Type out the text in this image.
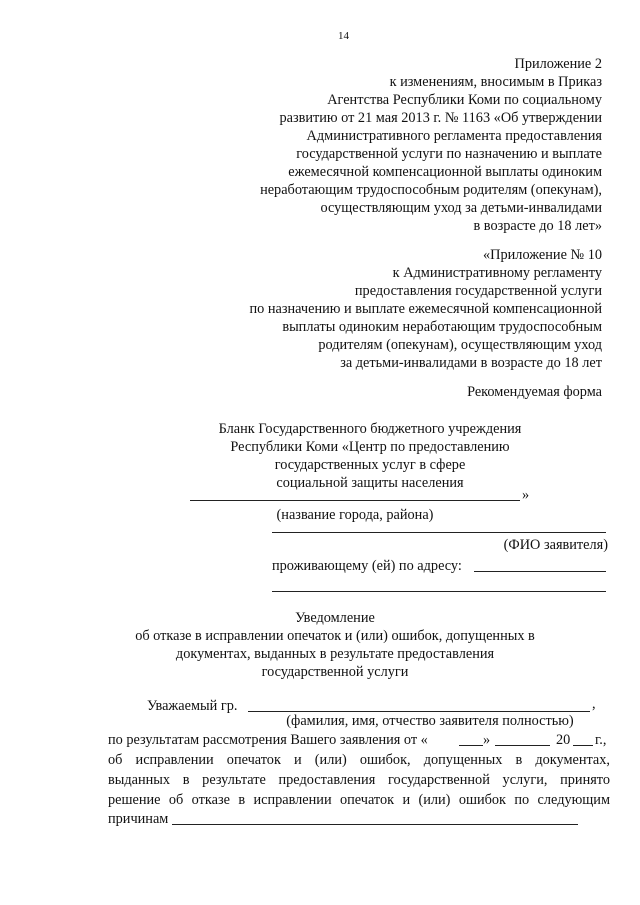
14
Приложение 2
к изменениям, вносимым в Приказ
Агентства Республики Коми по социальному
развитию от 21 мая 2013 г. № 1163 «Об утверждении
Административного регламента предоставления
государственной услуги по назначению и выплате
ежемесячной компенсационной выплаты одиноким
неработающим трудоспособным родителям (опекунам),
осуществляющим уход за детьми-инвалидами
в возрасте до 18 лет»
«Приложение № 10
к Административному регламенту
предоставления государственной услуги
по назначению и выплате ежемесячной компенсационной
выплаты одиноким неработающим трудоспособным
родителям (опекунам), осуществляющим уход
за детьми-инвалидами в возрасте до 18 лет
Рекомендуемая форма
Бланк Государственного бюджетного учреждения
Республики Коми «Центр по предоставлению
государственных услуг в сфере
социальной защиты населения
»
(название города, района)
(ФИО заявителя)
проживающему (ей) по адресу:
Уведомление
об отказе в исправлении опечаток и (или) ошибок, допущенных в
документах, выданных в результате предоставления
государственной услуги
Уважаемый гр.	,
(фамилия, имя, отчество заявителя полностью)
по результатам рассмотрения Вашего заявления от «	»	20 г.,
об исправлении опечаток и (или) ошибок, допущенных в документах,
выданных в результате предоставления государственной услуги, принято
решение об отказе в исправлении опечаток и (или) ошибок по следующим
причинам
